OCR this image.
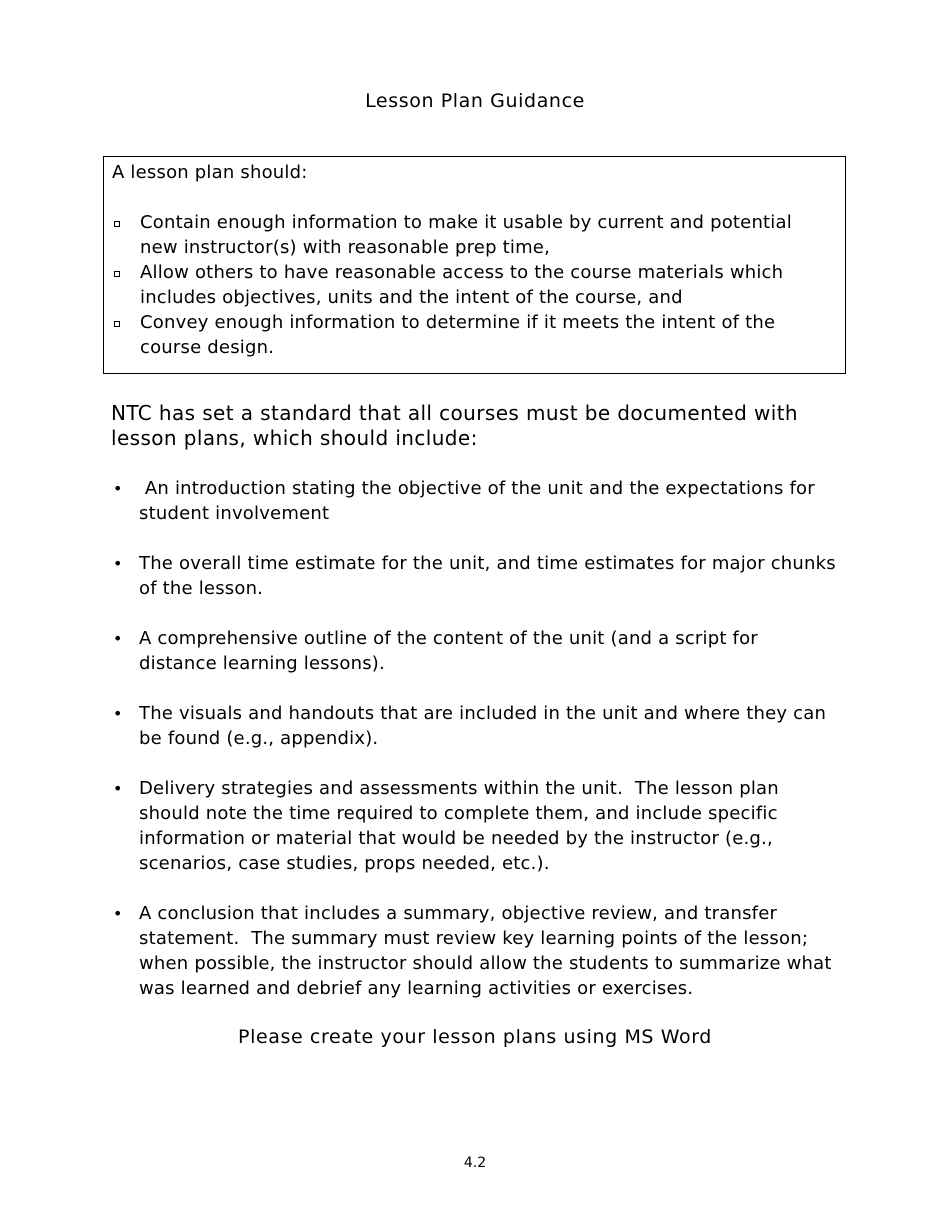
Lesson Plan Guidance
A lesson plan should:
Contain enough information to make it usable by current and potential new instructor(s) with reasonable prep time,
Allow others to have reasonable access to the course materials which includes objectives, units and the intent of the course, and
Convey enough information to determine if it meets the intent of the course design.
NTC has set a standard that all courses must be documented with lesson plans, which should include:
• An introduction stating the objective of the unit and the expectations for student involvement
• The overall time estimate for the unit, and time estimates for major chunks of the lesson.
• A comprehensive outline of the content of the unit (and a script for distance learning lessons).
• The visuals and handouts that are included in the unit and where they can be found (e.g., appendix).
• Delivery strategies and assessments within the unit.  The lesson plan should note the time required to complete them, and include specific information or material that would be needed by the instructor (e.g., scenarios, case studies, props needed, etc.).
• A conclusion that includes a summary, objective review, and transfer statement.  The summary must review key learning points of the lesson; when possible, the instructor should allow the students to summarize what was learned and debrief any learning activities or exercises.
Please create your lesson plans using MS Word
4.2
